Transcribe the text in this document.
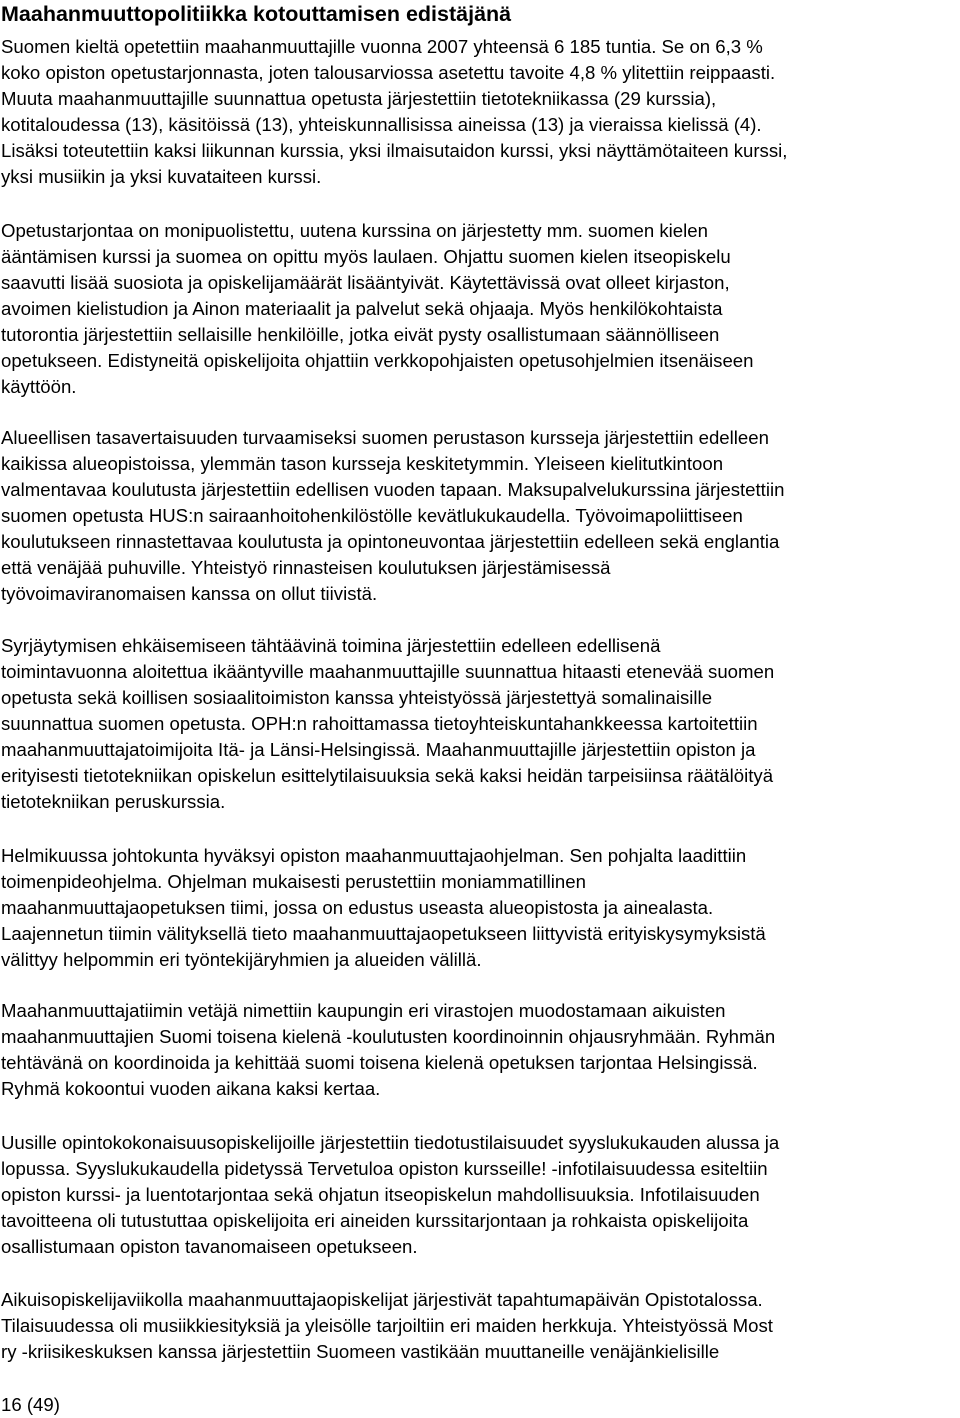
Maahanmuuttopolitiikka kotouttamisen edistäjänä

Suomen kieltä opetettiin maahanmuuttajille vuonna 2007 yhteensä 6 185 tuntia. Se on 6,3 %

koko opiston opetustarjonnasta, joten talousarviossa asetettu tavoite 4,8 % ylitettiin reippaasti.

Muuta maahanmuuttajille suunnattua opetusta järjestettiin tietotekniikassa (29 kurssia),

kotitaloudessa (13), käsitöissä (13), yhteiskunnallisissa aineissa (13) ja vieraissa kielissä (4).

Lisäksi toteutettiin kaksi liikunnan kurssia, yksi ilmaisutaidon kurssi, yksi näyttämötaiteen kurssi,

yksi musiikin ja yksi kuvataiteen kurssi.

Opetustarjontaa on monipuolistettu, uutena kurssina on järjestetty mm. suomen kielen

ääntämisen kurssi ja suomea on opittu myös laulaen. Ohjattu suomen kielen itseopiskelu

saavutti lisää suosiota ja opiskelijamäärät lisääntyivät. Käytettävissä ovat olleet kirjaston,

avoimen kielistudion ja Ainon materiaalit ja palvelut sekä ohjaaja. Myös henkilökohtaista

tutorontia järjestettiin sellaisille henkilöille, jotka eivät pysty osallistumaan säännölliseen

opetukseen. Edistyneitä opiskelijoita ohjattiin verkkopohjaisten opetusohjelmien itsenäiseen

käyttöön.

Alueellisen tasavertaisuuden turvaamiseksi suomen perustason kursseja järjestettiin edelleen

kaikissa alueopistoissa, ylemmän tason kursseja keskitetymmin. Yleiseen kielitutkintoon

valmentavaa koulutusta järjestettiin edellisen vuoden tapaan. Maksupalvelukurssina järjestettiin

suomen opetusta HUS:n sairaanhoitohenkilöstölle kevätlukukaudella. Työvoimapoliittiseen

koulutukseen rinnastettavaa koulutusta ja opintoneuvontaa järjestettiin edelleen sekä englantia

että venäjää puhuville. Yhteistyö rinnasteisen koulutuksen järjestämisessä

työvoimaviranomaisen kanssa on ollut tiivistä.

Syrjäytymisen ehkäisemiseen tähtäävinä toimina järjestettiin edelleen edellisenä

toimintavuonna aloitettua ikääntyville maahanmuuttajille suunnattua hitaasti etenevää suomen

opetusta sekä koillisen sosiaalitoimiston kanssa yhteistyössä järjestettyä somalinaisille

suunnattua suomen opetusta. OPH:n rahoittamassa tietoyhteiskuntahankkeessa kartoitettiin

maahanmuuttajatoimijoita Itä- ja Länsi-Helsingissä. Maahanmuuttajille järjestettiin opiston ja

erityisesti tietotekniikan opiskelun esittelytilaisuuksia sekä kaksi heidän tarpeisiinsa räätälöityä

tietotekniikan peruskurssia.

Helmikuussa johtokunta hyväksyi opiston maahanmuuttajaohjelman. Sen pohjalta laadittiin

toimenpideohjelma. Ohjelman mukaisesti perustettiin moniammatillinen

maahanmuuttajaopetuksen tiimi, jossa on edustus useasta alueopistosta ja ainealasta.

Laajennetun tiimin välityksellä tieto maahanmuuttajaopetukseen liittyvistä erityiskysymyksistä

välittyy helpommin eri työntekijäryhmien ja alueiden välillä.

Maahanmuuttajatiimin vetäjä nimettiin kaupungin eri virastojen muodostamaan aikuisten

maahanmuuttajien Suomi toisena kielenä -koulutusten koordinoinnin ohjausryhmään. Ryhmän

tehtävänä on koordinoida ja kehittää suomi toisena kielenä opetuksen tarjontaa Helsingissä.

Ryhmä kokoontui vuoden aikana kaksi kertaa.

Uusille opintokokonaisuusopiskelijoille järjestettiin tiedotustilaisuudet syyslukukauden alussa ja

lopussa. Syyslukukaudella pidetyssä Tervetuloa opiston kursseille! -infotilaisuudessa esiteltiin

opiston kurssi- ja luentotarjontaa sekä ohjatun itseopiskelun mahdollisuuksia. Infotilaisuuden

tavoitteena oli tutustuttaa opiskelijoita eri aineiden kurssitarjontaan ja rohkaista opiskelijoita

osallistumaan opiston tavanomaiseen opetukseen.

Aikuisopiskelijaviikolla maahanmuuttajaopiskelijat järjestivät tapahtumapäivän Opistotalossa.

Tilaisuudessa oli musiikkiesityksiä ja yleisölle tarjoiltiin eri maiden herkkuja. Yhteistyössä Most

ry -kriisikeskuksen kanssa järjestettiin Suomeen vastikään muuttaneille venäjänkielisille

16 (49)
